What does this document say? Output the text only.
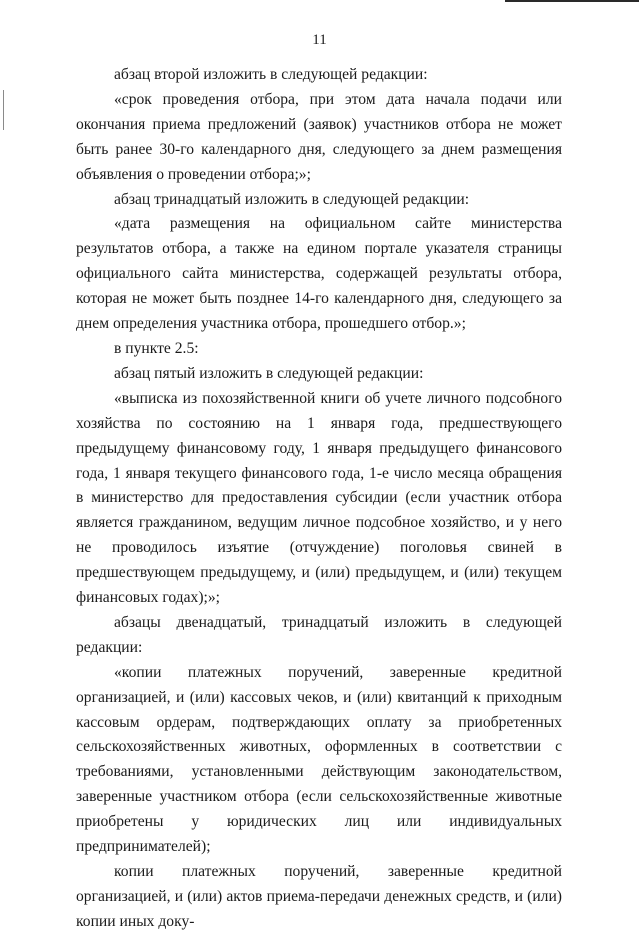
11

абзац второй изложить в следующей редакции:

«срок проведения отбора, при этом дата начала подачи или окончания приема предложений (заявок) участников отбора не может быть ранее 30-го календарного дня, следующего за днем размещения объявления о проведении отбора;»;

абзац тринадцатый изложить в следующей редакции:

«дата размещения на официальном сайте министерства результатов отбора, а также на едином портале указателя страницы официального сайта министерства, содержащей результаты отбора, которая не может быть позднее 14-го календарного дня, следующего за днем определения участника отбора, прошедшего отбор.»;

в пункте 2.5:

абзац пятый изложить в следующей редакции:

«выписка из похозяйственной книги об учете личного подсобного хозяйства по состоянию на 1 января года, предшествующего предыдущему финансовому году, 1 января предыдущего финансового года, 1 января текущего финансового года, 1-е число месяца обращения в министерство для предоставления субсидии (если участник отбора является гражданином, ведущим личное подсобное хозяйство, и у него не проводилось изъятие (отчуждение) поголовья свиней в предшествующем предыдущему, и (или) предыдущем, и (или) текущем финансовых годах);»;

абзацы двенадцатый, тринадцатый изложить в следующей редакции:

«копии платежных поручений, заверенные кредитной организацией, и (или) кассовых чеков, и (или) квитанций к приходным кассовым ордерам, подтверждающих оплату за приобретенных сельскохозяйственных животных, оформленных в соответствии с требованиями, установленными действующим законодательством, заверенные участником отбора (если сельскохозяйственные животные приобретены у юридических лиц или индивидуальных предпринимателей);

копии платежных поручений, заверенные кредитной организацией, и (или) актов приема-передачи денежных средств, и (или) копии иных доку-
